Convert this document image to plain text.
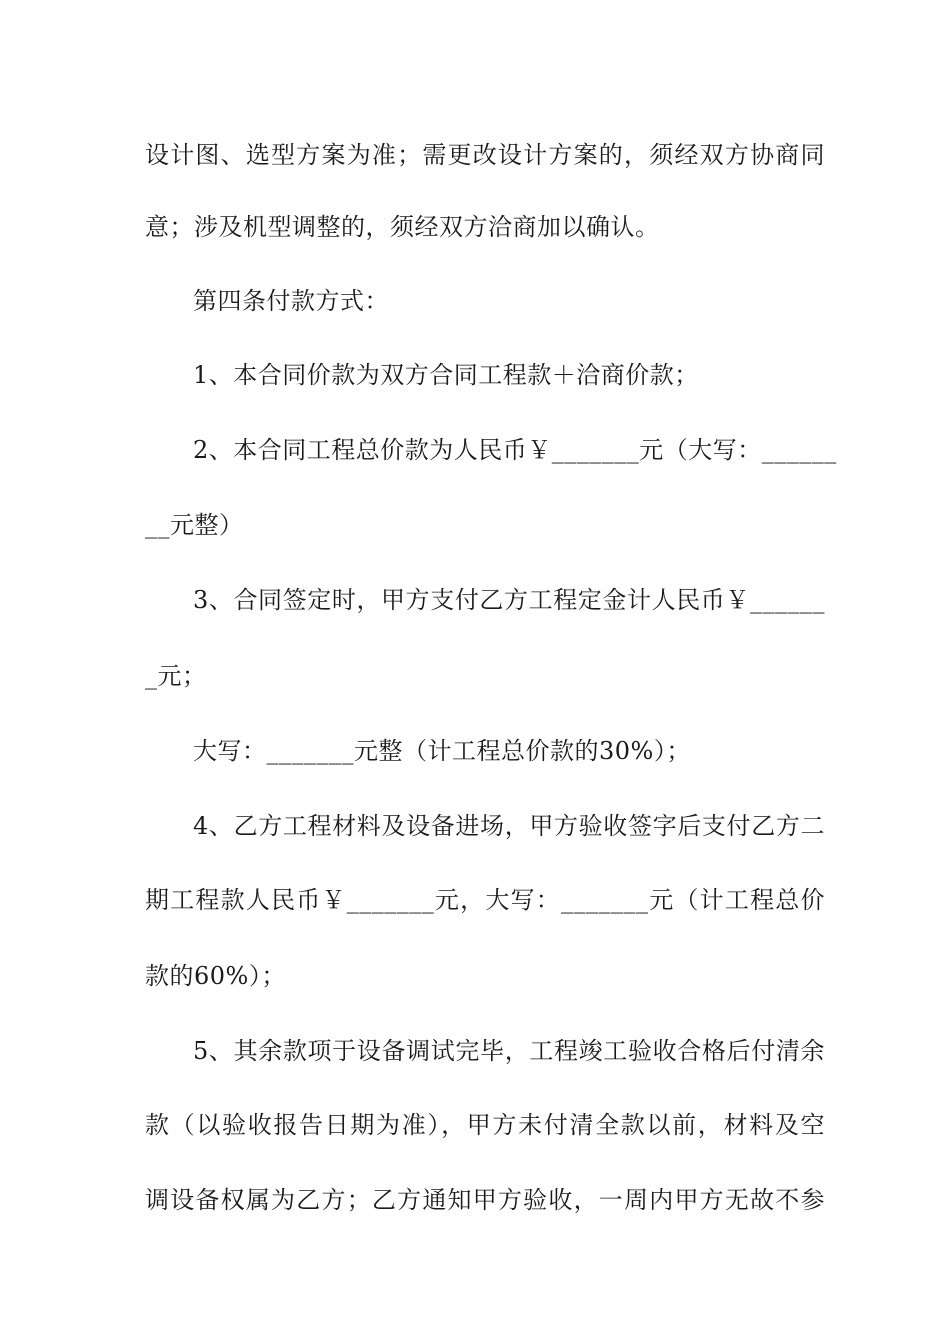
设计图、选型方案为准；需更改设计方案的，须经双方协商同
意；涉及机型调整的，须经双方洽商加以确认。
第四条付款方式：
1、本合同价款为双方合同工程款＋洽商价款；
2、本合同工程总价款为人民币￥_______元（大写：______
__元整）
3、合同签定时，甲方支付乙方工程定金计人民币￥______
_元；
大写：_______元整（计工程总价款的30%）；
4、乙方工程材料及设备进场，甲方验收签字后支付乙方二
期工程款人民币￥_______元，大写：_______元（计工程总价
款的60%）；
5、其余款项于设备调试完毕，工程竣工验收合格后付清余
款（以验收报告日期为准），甲方未付清全款以前，材料及空
调设备权属为乙方；乙方通知甲方验收，一周内甲方无故不参
